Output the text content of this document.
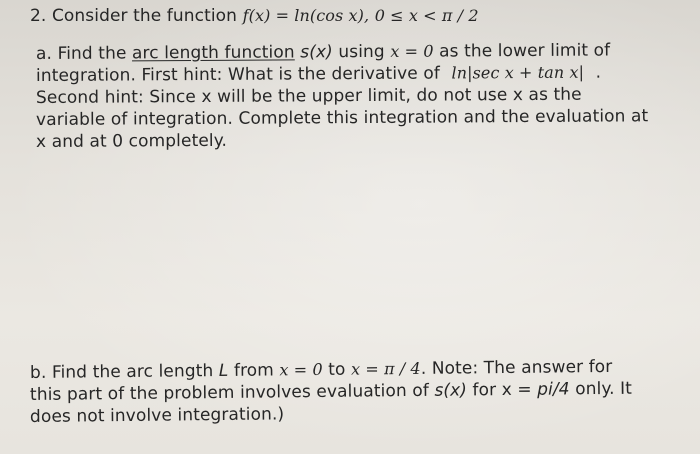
2. Consider the function f(x) = ln(cos x), 0 ≤ x < π / 2
a. Find the arc length function s(x) using x = 0 as the lower limit of
integration. First hint: What is the derivative of ln|sec x + tan x| .
Second hint: Since x will be the upper limit, do not use x as the
variable of integration. Complete this integration and the evaluation at
x and at 0 completely.
b. Find the arc length L from x = 0 to x = π / 4. Note: The answer for
this part of the problem involves evaluation of s(x) for x = pi/4 only. It
does not involve integration.)
